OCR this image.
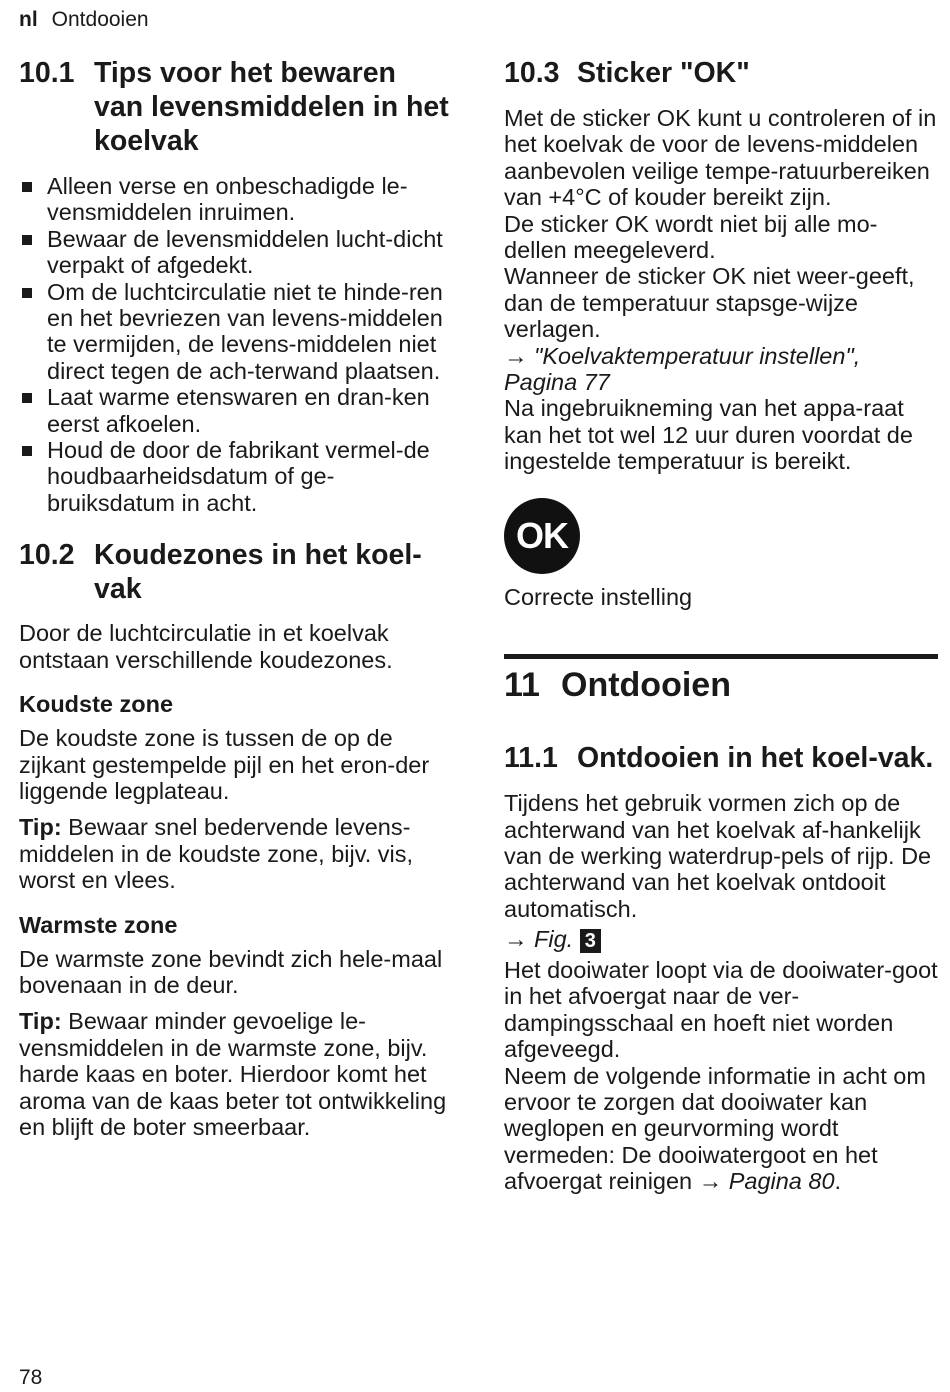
nl Ontdooien
10.1 Tips voor het bewaren van levensmiddelen in het koelvak
Alleen verse en onbeschadigde le-vensmiddelen inruimen.
Bewaar de levensmiddelen lucht-dicht verpakt of afgedekt.
Om de luchtcirculatie niet te hinde-ren en het bevriezen van levens-middelen te vermijden, de levens-middelen niet direct tegen de ach-terwand plaatsen.
Laat warme etenswaren en dran-ken eerst afkoelen.
Houd de door de fabrikant vermel-de houdbaarheidsdatum of ge-bruiksdatum in acht.
10.2 Koudezones in het koel-vak

Door de luchtcirculatie in et koelvak ontstaan verschillende koudezones.

Koudste zone

De koudste zone is tussen de op de zijkant gestempelde pijl en het eron-der liggende legplateau.

Tip: Bewaar snel bedervende levens-middelen in de koudste zone, bijv. vis, worst en vlees.

Warmste zone

De warmste zone bevindt zich hele-maal bovenaan in de deur.

Tip: Bewaar minder gevoelige le-vensmiddelen in de warmste zone, bijv. harde kaas en boter. Hierdoor komt het aroma van de kaas beter tot ontwikkeling en blijft de boter smeerbaar.

10.3 Sticker "OK"

Met de sticker OK kunt u controleren of in het koelvak de voor de levens-middelen aanbevolen veilige tempe-ratuurbereiken van +4°C of kouder bereikt zijn.

De sticker OK wordt niet bij alle mo-dellen meegeleverd.

Wanneer de sticker OK niet weer-geeft, dan de temperatuur stapsge-wijze verlagen.

→ "Koelvaktemperatuur instellen", Pagina 77

Na ingebruikneming van het appa-raat kan het tot wel 12 uur duren voordat de ingestelde temperatuur is bereikt.

OK

Correcte instelling

11 Ontdooien
11.1 Ontdooien in het koel-vak.

Tijdens het gebruik vormen zich op de achterwand van het koelvak af-hankelijk van de werking waterdrup-pels of rijp. De achterwand van het koelvak ontdooit automatisch.

→ Fig. 3

Het dooiwater loopt via de dooiwater-goot in het afvoergat naar de ver-dampingsschaal en hoeft niet worden afgeveegd.

Neem de volgende informatie in acht om ervoor te zorgen dat dooiwater kan weglopen en geurvorming wordt vermeden: De dooiwatergoot en het afvoergat reinigen → Pagina 80.

78
